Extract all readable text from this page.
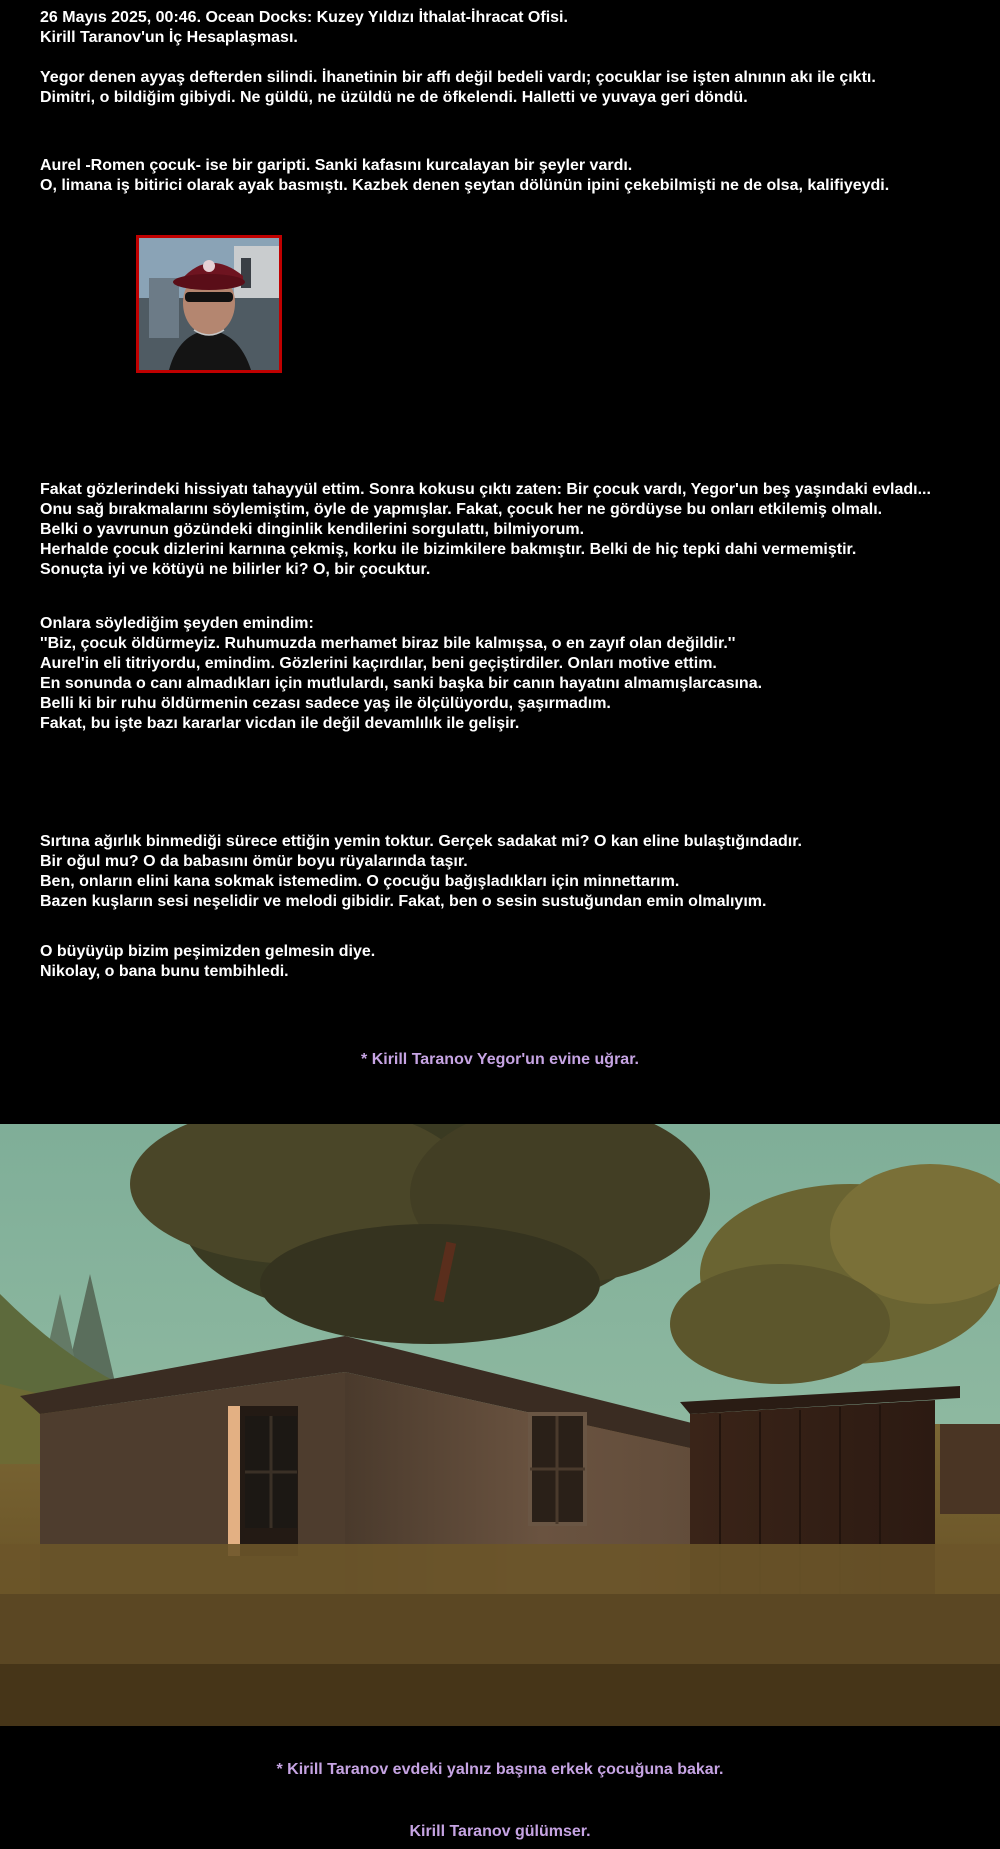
26 Mayıs 2025, 00:46. Ocean Docks: Kuzey Yıldızı İthalat-İhracat Ofisi.
Kirill Taranov'un İç Hesaplaşması.
Yegor denen ayyaş defterden silindi. İhanetinin bir affı değil bedeli vardı; çocuklar ise işten alnının akı ile çıktı.
Dimitri, o bildiğim gibiydi. Ne güldü, ne üzüldü ne de öfkelendi. Halletti ve yuvaya geri döndü.
Aurel -Romen çocuk- ise bir garipti. Sanki kafasını kurcalayan bir şeyler vardı.
O, limana iş bitirici olarak ayak basmıştı. Kazbek denen şeytan dölünün ipini çekebilmişti ne de olsa, kalifiyeydi.
Fakat gözlerindeki hissiyatı tahayyül ettim. Sonra kokusu çıktı zaten: Bir çocuk vardı, Yegor'un beş yaşındaki evladı...
Onu sağ bırakmalarını söylemiştim, öyle de yapmışlar. Fakat, çocuk her ne gördüyse bu onları etkilemiş olmalı.
Belki o yavrunun gözündeki dinginlik kendilerini sorgulattı, bilmiyorum.
Herhalde çocuk dizlerini karnına çekmiş, korku ile bizimkilere bakmıştır. Belki de hiç tepki dahi vermemiştir.
Sonuçta iyi ve kötüyü ne bilirler ki? O, bir çocuktur.
Onlara söylediğim şeyden emindim:
''Biz, çocuk öldürmeyiz. Ruhumuzda merhamet biraz bile kalmışsa, o en zayıf olan değildir.''
Aurel'in eli titriyordu, emindim. Gözlerini kaçırdılar, beni geçiştirdiler. Onları motive ettim.
En sonunda o canı almadıkları için mutlulardı, sanki başka bir canın hayatını almamışlarcasına.
Belli ki bir ruhu öldürmenin cezası sadece yaş ile ölçülüyordu, şaşırmadım.
Fakat, bu işte bazı kararlar vicdan ile değil devamlılık ile gelişir.
Sırtına ağırlık binmediği sürece ettiğin yemin toktur. Gerçek sadakat mi? O kan eline bulaştığındadır.
Bir oğul mu? O da babasını ömür boyu rüyalarında taşır.
Ben, onların elini kana sokmak istemedim. O çocuğu bağışladıkları için minnettarım.
Bazen kuşların sesi neşelidir ve melodi gibidir. Fakat, ben o sesin sustuğundan emin olmalıyım.
O büyüyüp bizim peşimizden gelmesin diye.
Nikolay, o bana bunu tembihledi.
* Kirill Taranov Yegor'un evine uğrar.
* Kirill Taranov evdeki yalnız başına erkek çocuğuna bakar.
Kirill Taranov gülümser.
